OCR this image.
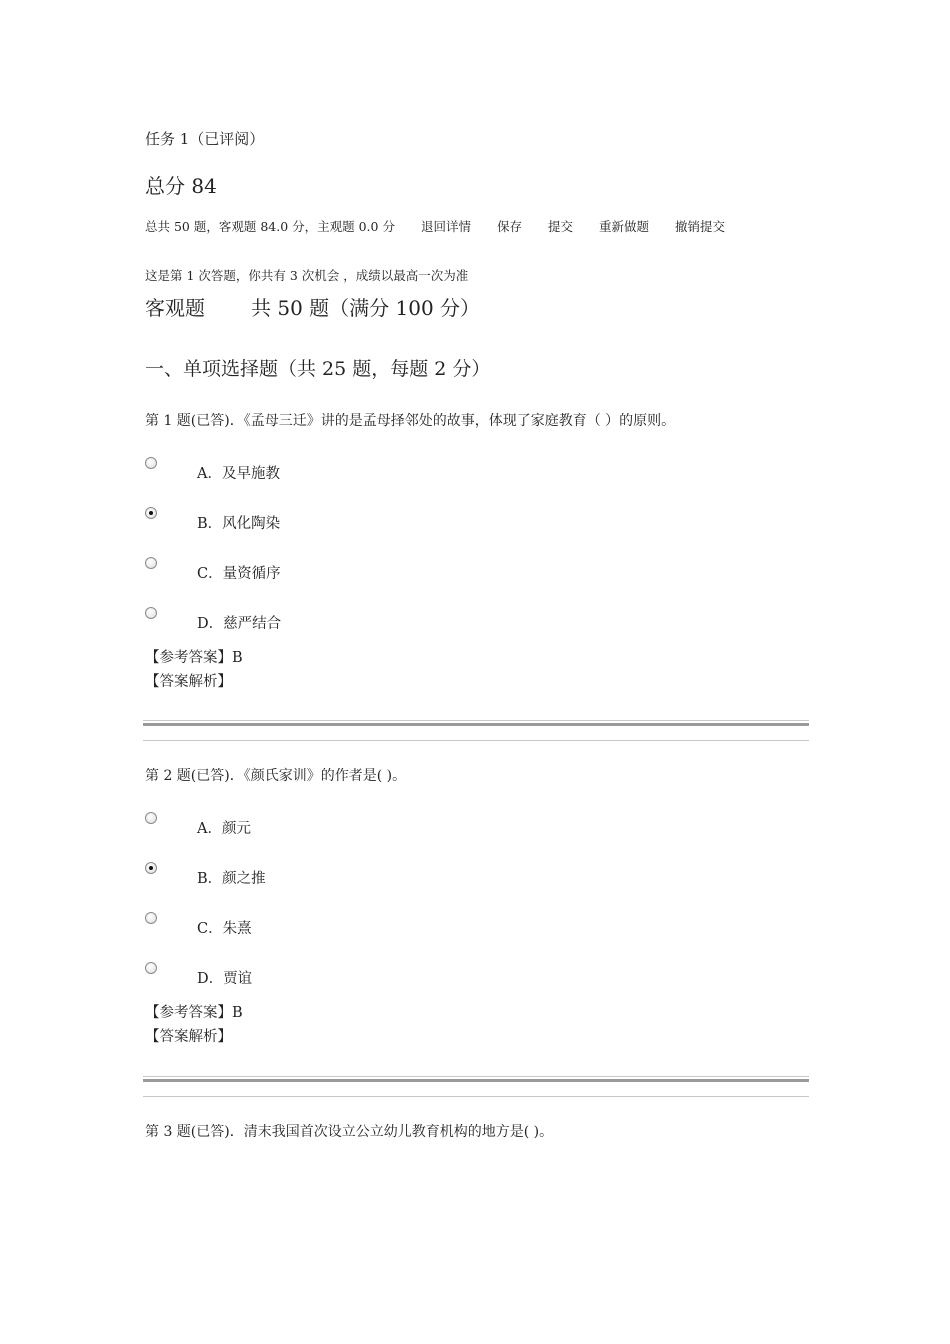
任务 1（已评阅）
总分 84
总共 50 题，客观题 84.0 分，主观题 0.0 分 退回详情 保存 提交 重新做题 撤销提交
这是第 1 次答题，你共有 3 次机会 ，成绩以最高一次为准
客观题 共 50 题（满分 100 分）
一、单项选择题（共 25 题，每题 2 分）
第 1 题(已答)．《孟母三迁》讲的是孟母择邻处的故事，体现了家庭教育（ ）的原则。
A．及早施教
B．风化陶染
C．量资循序
D．慈严结合
【参考答案】B
【答案解析】
第 2 题(已答)．《颜氏家训》的作者是( )。
A．颜元
B．颜之推
C．朱熹
D．贾谊
【参考答案】B
【答案解析】
第 3 题(已答)．清末我国首次设立公立幼儿教育机构的地方是( )。
